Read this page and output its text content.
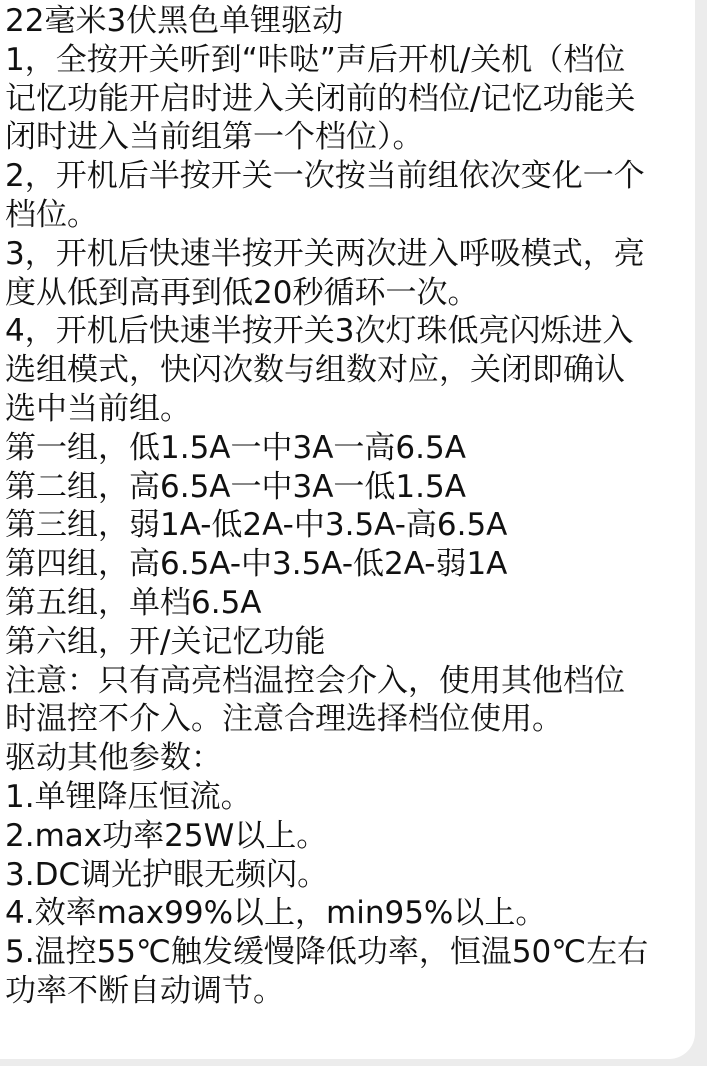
22毫米3伏黑色单锂驱动
1，全按开关听到“咔哒”声后开机/关机（档位
记忆功能开启时进入关闭前的档位/记忆功能关
闭时进入当前组第一个档位）。
2，开机后半按开关一次按当前组依次变化一个
档位。
3，开机后快速半按开关两次进入呼吸模式，亮
度从低到高再到低20秒循环一次。
4，开机后快速半按开关3次灯珠低亮闪烁进入
选组模式，快闪次数与组数对应，关闭即确认
选中当前组。
第一组，低1.5A一中3A一高6.5A
第二组，高6.5A一中3A一低1.5A
第三组，弱1A-低2A-中3.5A-高6.5A
第四组，高6.5A-中3.5A-低2A-弱1A
第五组，单档6.5A
第六组，开/关记忆功能
注意：只有高亮档温控会介入，使用其他档位
时温控不介入。注意合理选择档位使用。
驱动其他参数：
1.单锂降压恒流。
2.max功率25W以上。
3.DC调光护眼无频闪。
4.效率max99%以上，min95%以上。
5.温控55℃触发缓慢降低功率，恒温50℃左右
功率不断自动调节。
